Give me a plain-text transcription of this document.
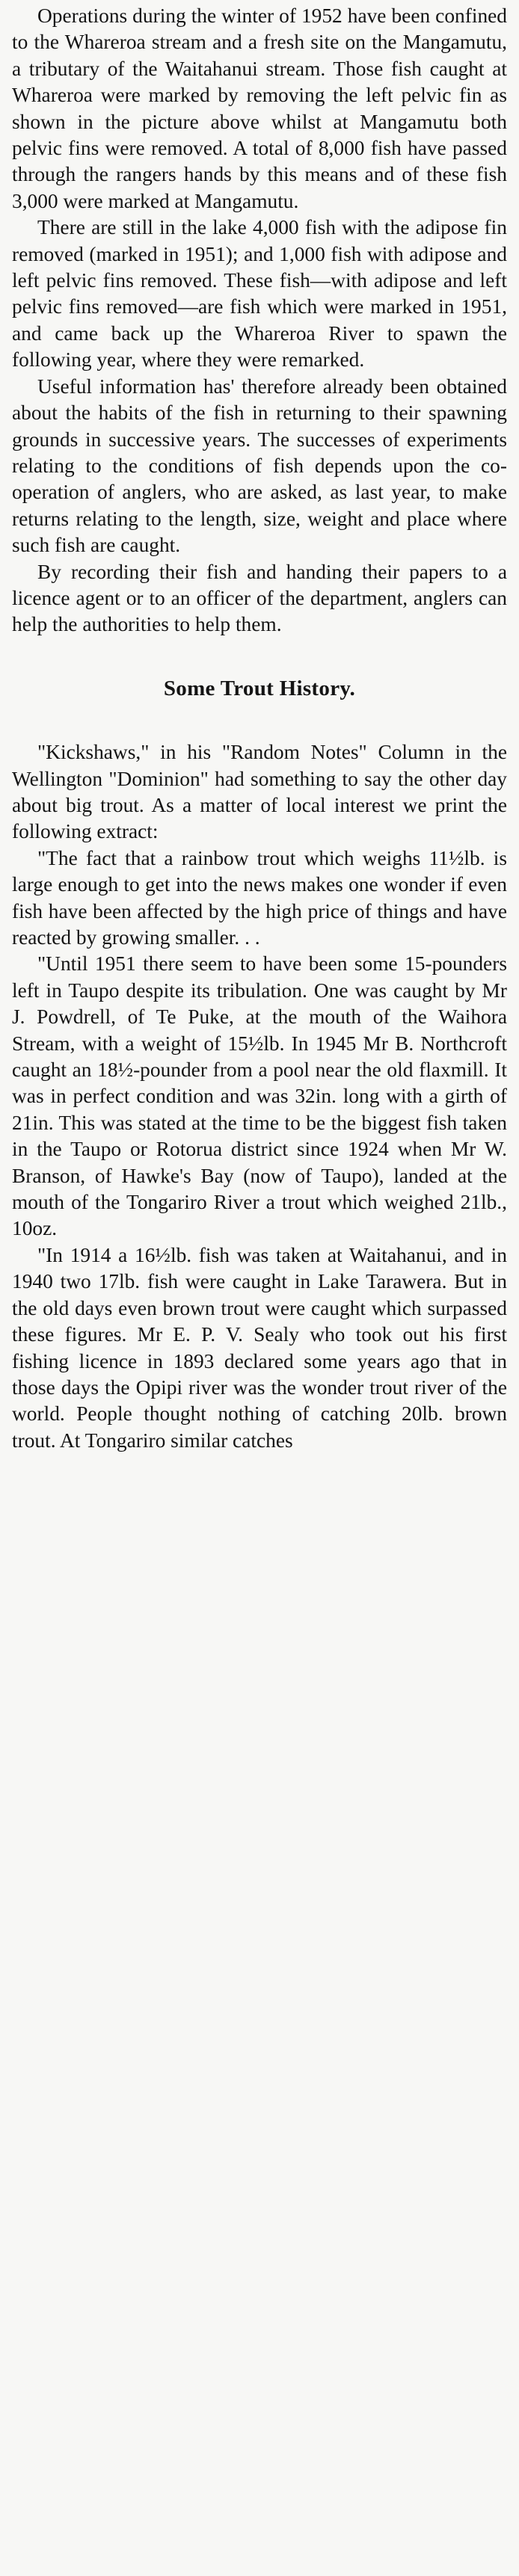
Operations during the winter of 1952 have been confined to the Whareroa stream and a fresh site on the Mangamutu, a tributary of the Waitahanui stream. Those fish caught at Whareroa were marked by removing the left pelvic fin as shown in the picture above whilst at Mangamutu both pelvic fins were removed. A total of 8,000 fish have passed through the rangers hands by this means and of these fish 3,000 were marked at Mangamutu.

There are still in the lake 4,000 fish with the adipose fin removed (marked in 1951); and 1,000 fish with adipose and left pelvic fins removed. These fish—with adipose and left pelvic fins removed—are fish which were marked in 1951, and came back up the Whareroa River to spawn the following year, where they were remarked.

Useful information has' therefore already been obtained about the habits of the fish in returning to their spawning grounds in successive years. The successes of experiments relating to the conditions of fish depends upon the co-operation of anglers, who are asked, as last year, to make returns relating to the length, size, weight and place where such fish are caught.

By recording their fish and handing their papers to a licence agent or to an officer of the department, anglers can help the authorities to help them.

Some Trout History.

"Kickshaws," in his "Random Notes" Column in the Wellington "Dominion" had something to say the other day about big trout. As a matter of local interest we print the following extract:

"The fact that a rainbow trout which weighs 11½lb. is large enough to get into the news makes one wonder if even fish have been affected by the high price of things and have reacted by growing smaller. . .

"Until 1951 there seem to have been some 15-pounders left in Taupo despite its tribulation. One was caught by Mr J. Powdrell, of Te Puke, at the mouth of the Waihora Stream, with a weight of 15½lb. In 1945 Mr B. Northcroft caught an 18½-pounder from a pool near the old flaxmill. It was in perfect condition and was 32in. long with a girth of 21in. This was stated at the time to be the biggest fish taken in the Taupo or Rotorua district since 1924 when Mr W. Branson, of Hawke's Bay (now of Taupo), landed at the mouth of the Tongariro River a trout which weighed 21lb., 10oz.

"In 1914 a 16½lb. fish was taken at Waitahanui, and in 1940 two 17lb. fish were caught in Lake Tarawera. But in the old days even brown trout were caught which surpassed these figures. Mr E. P. V. Sealy who took out his first fishing licence in 1893 declared some years ago that in those days the Opipi river was the wonder trout river of the world. People thought nothing of catching 20lb. brown trout. At Tongariro similar catches
